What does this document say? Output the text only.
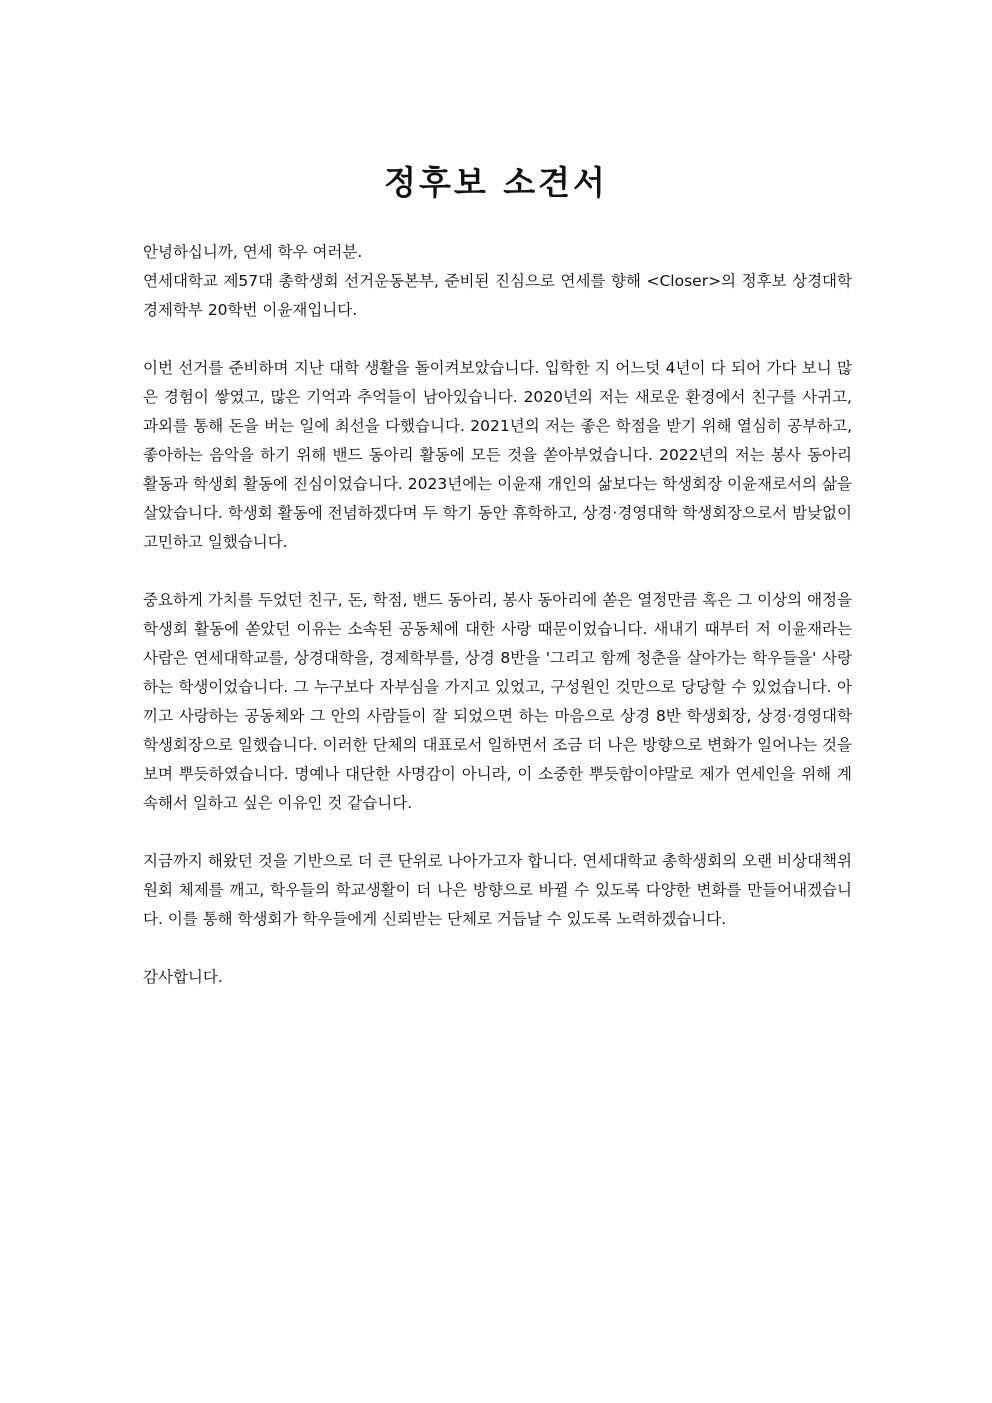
정후보 소견서

안녕하십니까, 연세 학우 여러분.

연세대학교 제57대 총학생회 선거운동본부, 준비된 진심으로 연세를 향해 <Closer>의 정후보 상경대학 경제학부 20학번 이윤재입니다.

이번 선거를 준비하며 지난 대학 생활을 돌이켜보았습니다. 입학한 지 어느덧 4년이 다 되어 가다 보니 많은 경험이 쌓였고, 많은 기억과 추억들이 남아있습니다. 2020년의 저는 새로운 환경에서 친구를 사귀고, 과외를 통해 돈을 버는 일에 최선을 다했습니다. 2021년의 저는 좋은 학점을 받기 위해 열심히 공부하고, 좋아하는 음악을 하기 위해 밴드 동아리 활동에 모든 것을 쏟아부었습니다. 2022년의 저는 봉사 동아리 활동과 학생회 활동에 진심이었습니다. 2023년에는 이윤재 개인의 삶보다는 학생회장 이윤재로서의 삶을 살았습니다. 학생회 활동에 전념하겠다며 두 학기 동안 휴학하고, 상경·경영대학 학생회장으로서 밤낮없이 고민하고 일했습니다.

중요하게 가치를 두었던 친구, 돈, 학점, 밴드 동아리, 봉사 동아리에 쏟은 열정만큼 혹은 그 이상의 애정을 학생회 활동에 쏟았던 이유는 소속된 공동체에 대한 사랑 때문이었습니다. 새내기 때부터 저 이윤재라는 사람은 연세대학교를, 상경대학을, 경제학부를, 상경 8반을 '그리고 함께 청춘을 살아가는 학우들을' 사랑하는 학생이었습니다. 그 누구보다 자부심을 가지고 있었고, 구성원인 것만으로 당당할 수 있었습니다. 아끼고 사랑하는 공동체와 그 안의 사람들이 잘 되었으면 하는 마음으로 상경 8반 학생회장, 상경·경영대학 학생회장으로 일했습니다. 이러한 단체의 대표로서 일하면서 조금 더 나은 방향으로 변화가 일어나는 것을 보며 뿌듯하였습니다. 명예나 대단한 사명감이 아니라, 이 소중한 뿌듯함이야말로 제가 연세인을 위해 계속해서 일하고 싶은 이유인 것 같습니다.

지금까지 해왔던 것을 기반으로 더 큰 단위로 나아가고자 합니다. 연세대학교 총학생회의 오랜 비상대책위원회 체제를 깨고, 학우들의 학교생활이 더 나은 방향으로 바뀔 수 있도록 다양한 변화를 만들어내겠습니다. 이를 통해 학생회가 학우들에게 신뢰받는 단체로 거듭날 수 있도록 노력하겠습니다.

감사합니다.
